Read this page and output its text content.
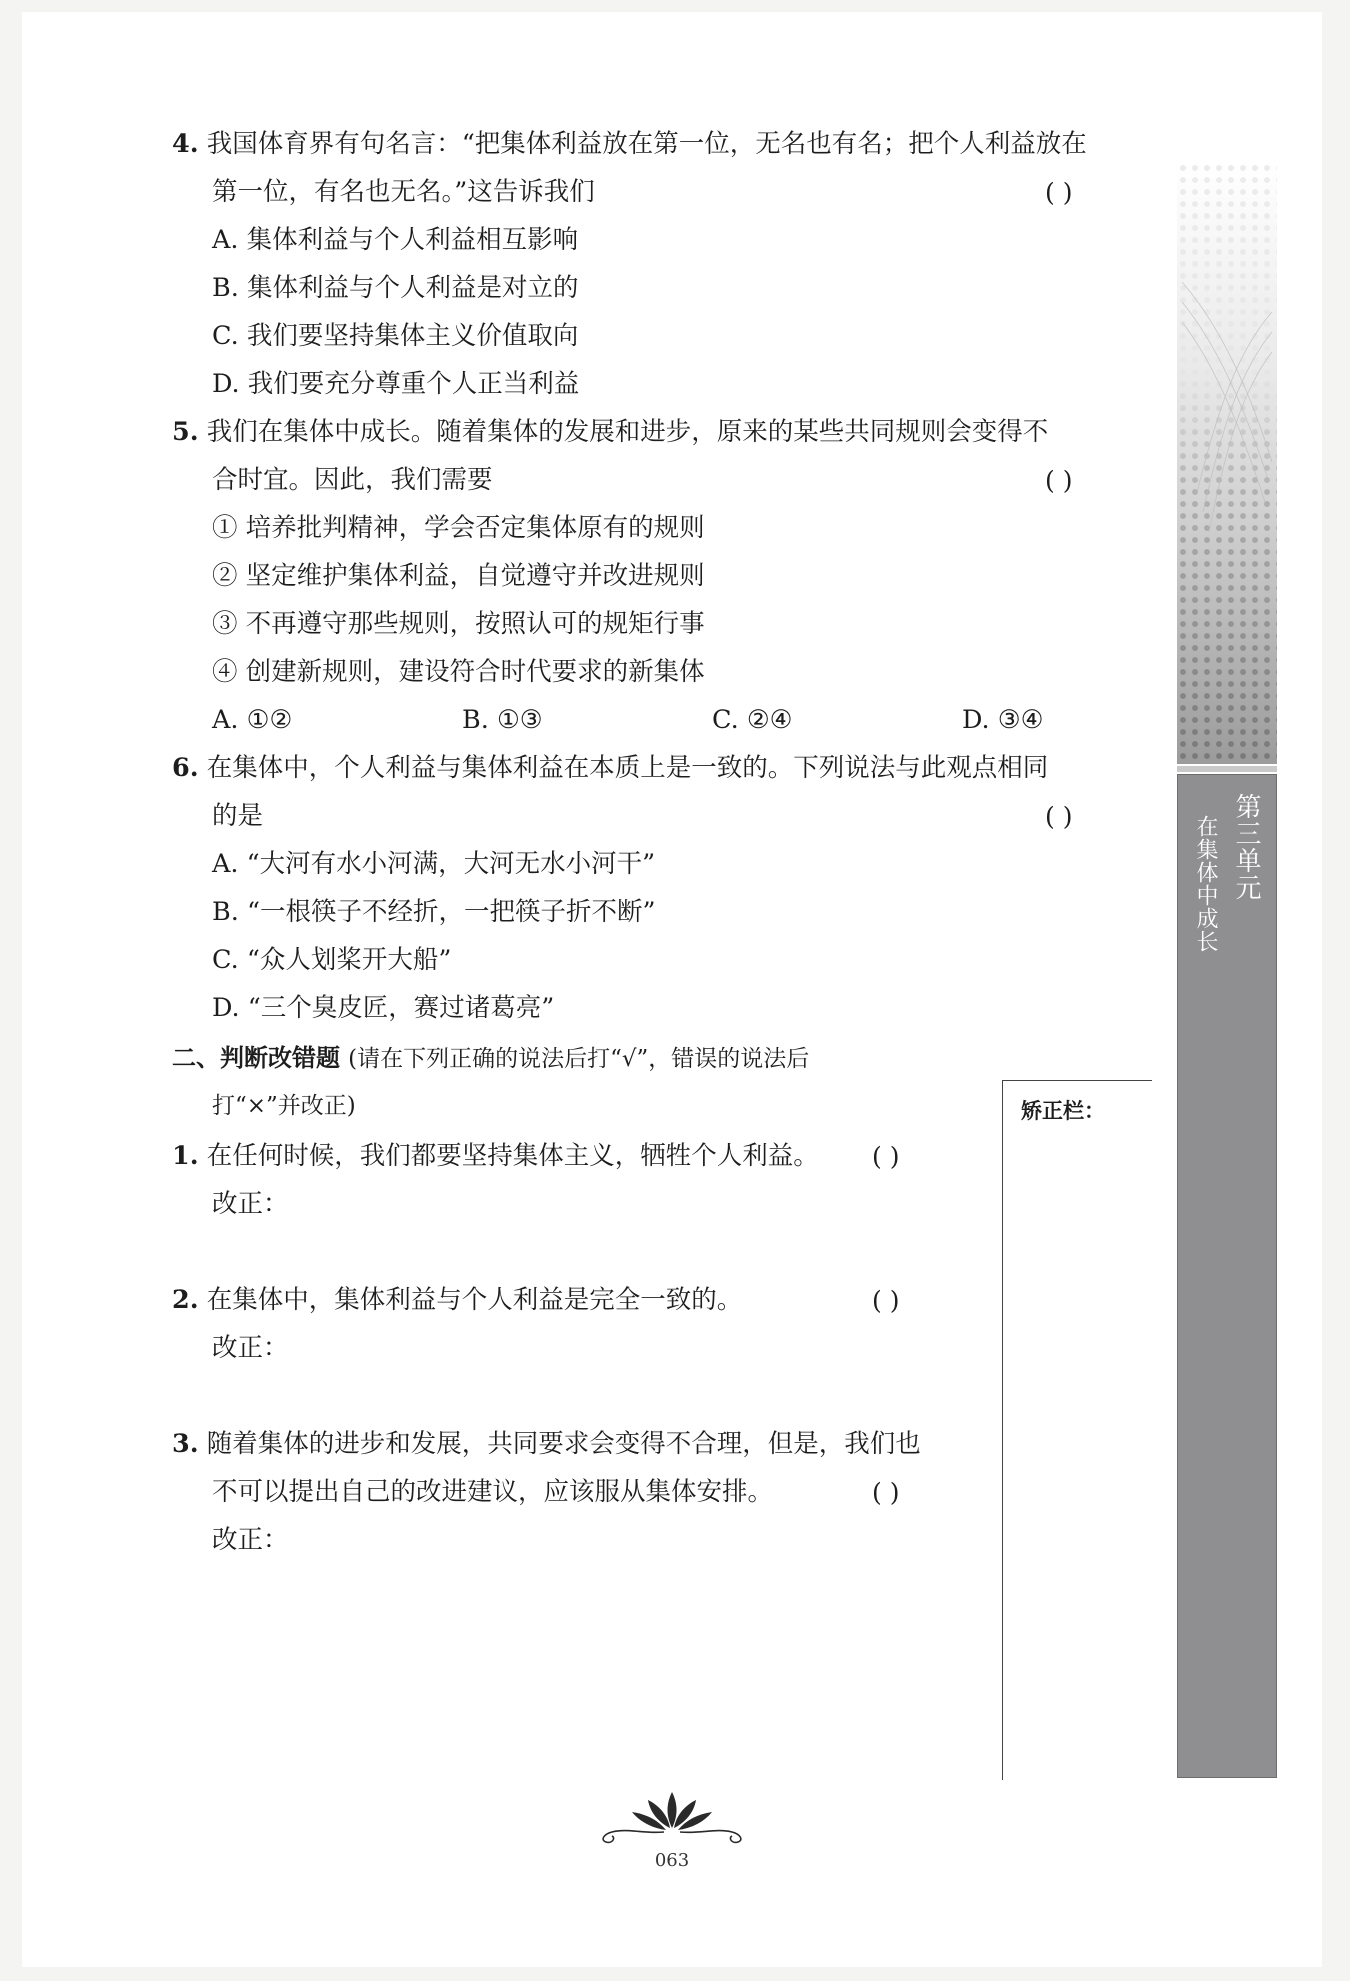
4. 我国体育界有句名言：“把集体利益放在第一位，无名也有名；把个人利益放在
第一位，有名也无名。”这告诉我们	( )
A. 集体利益与个人利益相互影响
B. 集体利益与个人利益是对立的
C. 我们要坚持集体主义价值取向
D. 我们要充分尊重个人正当利益
5. 我们在集体中成长。随着集体的发展和进步，原来的某些共同规则会变得不
合时宜。因此，我们需要	( )
① 培养批判精神，学会否定集体原有的规则
② 坚定维护集体利益，自觉遵守并改进规则
③ 不再遵守那些规则，按照认可的规矩行事
④ 创建新规则，建设符合时代要求的新集体
A. ①②	B. ①③	C. ②④	D. ③④
6. 在集体中，个人利益与集体利益在本质上是一致的。下列说法与此观点相同
的是	( )
A. “大河有水小河满，大河无水小河干”
B. “一根筷子不经折，一把筷子折不断”
C. “众人划桨开大船”
D. “三个臭皮匠，赛过诸葛亮”
二、判断改错题 (请在下列正确的说法后打“√”，错误的说法后
打“×”并改正)
1. 在任何时候，我们都要坚持集体主义，牺牲个人利益。 ( )
改正：
2. 在集体中，集体利益与个人利益是完全一致的。	( )
改正：
3. 随着集体的进步和发展，共同要求会变得不合理，但是，我们也
不可以提出自己的改进建议，应该服从集体安排。	( )
改正：
矫正栏：
第三单元
在集体中成长
063
